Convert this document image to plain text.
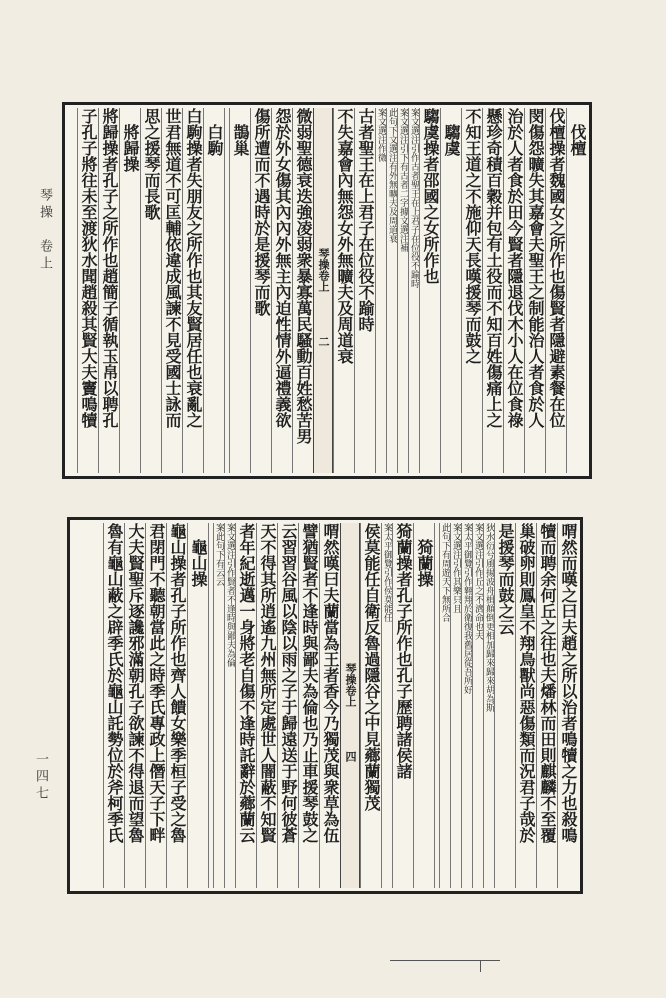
琴操　卷上
一四七
伐檀
伐檀操者魏國女之所作也傷賢者隱避素餐在位
閔傷怨曠失其嘉會夫聖王之制能治人者食於人
治於人者食於田今賢者隱退伐木小人在位食祿
懸珍奇積百穀并包有土役而不知百姓傷痛上之
不知王道之不施仰天長嘆援琴而鼓之
騶虞
騶虞操者邵國之女所作也
案文選注引作古者聖王在上君子在位役不踰時
案文選注引下有古者二字據文選注補
此句下文選注有外無曠夫及周道衰
案文選注作微
古者聖王在上君子在位役不踰時
不失嘉會內無怨女外無曠夫及周道衰
琴操卷上　　　　二
微弱聖德衰迭強凌弱衆暴寡萬民騷動百姓愁苦男
怨於外女傷其內內外無主內迫性情外逼禮義欲
傷所遭而不遇時於是援琴而歌
鵲巢
白駒
白駒操者失朋友之所作也其友賢居任也衰亂之
世君無道不可匡輔依違成風諫不見受國士詠而
思之援琴而長歌
將歸操
將歸操者孔子之所作也趙簡子循執玉帛以聘孔
子孔子將往未至渡狄水聞趙殺其賢大夫竇鳴犢
喟然而嘆之曰夫趙之所以治者鳴犢之力也殺鳴
犢而聘余何丘之往也夫燔林而田則麒麟不至覆
巢破卵則鳳皇不翔鳥獸尚惡傷類而況君子哉於
是援琴而鼓之云
狄水衍兮風揚波舟楫顛倒更相加歸來歸來胡為斯
案文選注引作丘之不濟命也夫
案太平御覽引作翱翔於衛復我舊居從吾所好
案文選注引作其樂只且
此句下有周遊天下無所合
猗蘭操
猗蘭操者孔子所作也孔子歷聘諸侯諸
案太平御覽引作侯莫能任
侯莫能任自衛反魯過隱谷之中見薌蘭獨茂
琴操卷上　　　　四
喟然嘆曰夫蘭當為王者香今乃獨茂與衆草為伍
譬猶賢者不逢時與鄙夫為倫也乃止車援琴鼓之
云習習谷風以陰以雨之子于歸遠送于野何彼蒼
天不得其所逍遙九州無所定處世人闇蔽不知賢
者年紀逝邁一身將老自傷不逢時託辭於薌蘭云
案文選注引作賢者不逢時與鄙夫為倫
案此句下有云云
龜山操
龜山操者孔子所作也齊人饋女樂季桓子受之魯
君閉門不聽朝當此之時季氏專政上僭天子下畔
大夫賢聖斥逐讒邪滿朝孔子欲諫不得退而望魯
魯有龜山蔽之辟季氏於龜山託勢位於斧柯季氏
